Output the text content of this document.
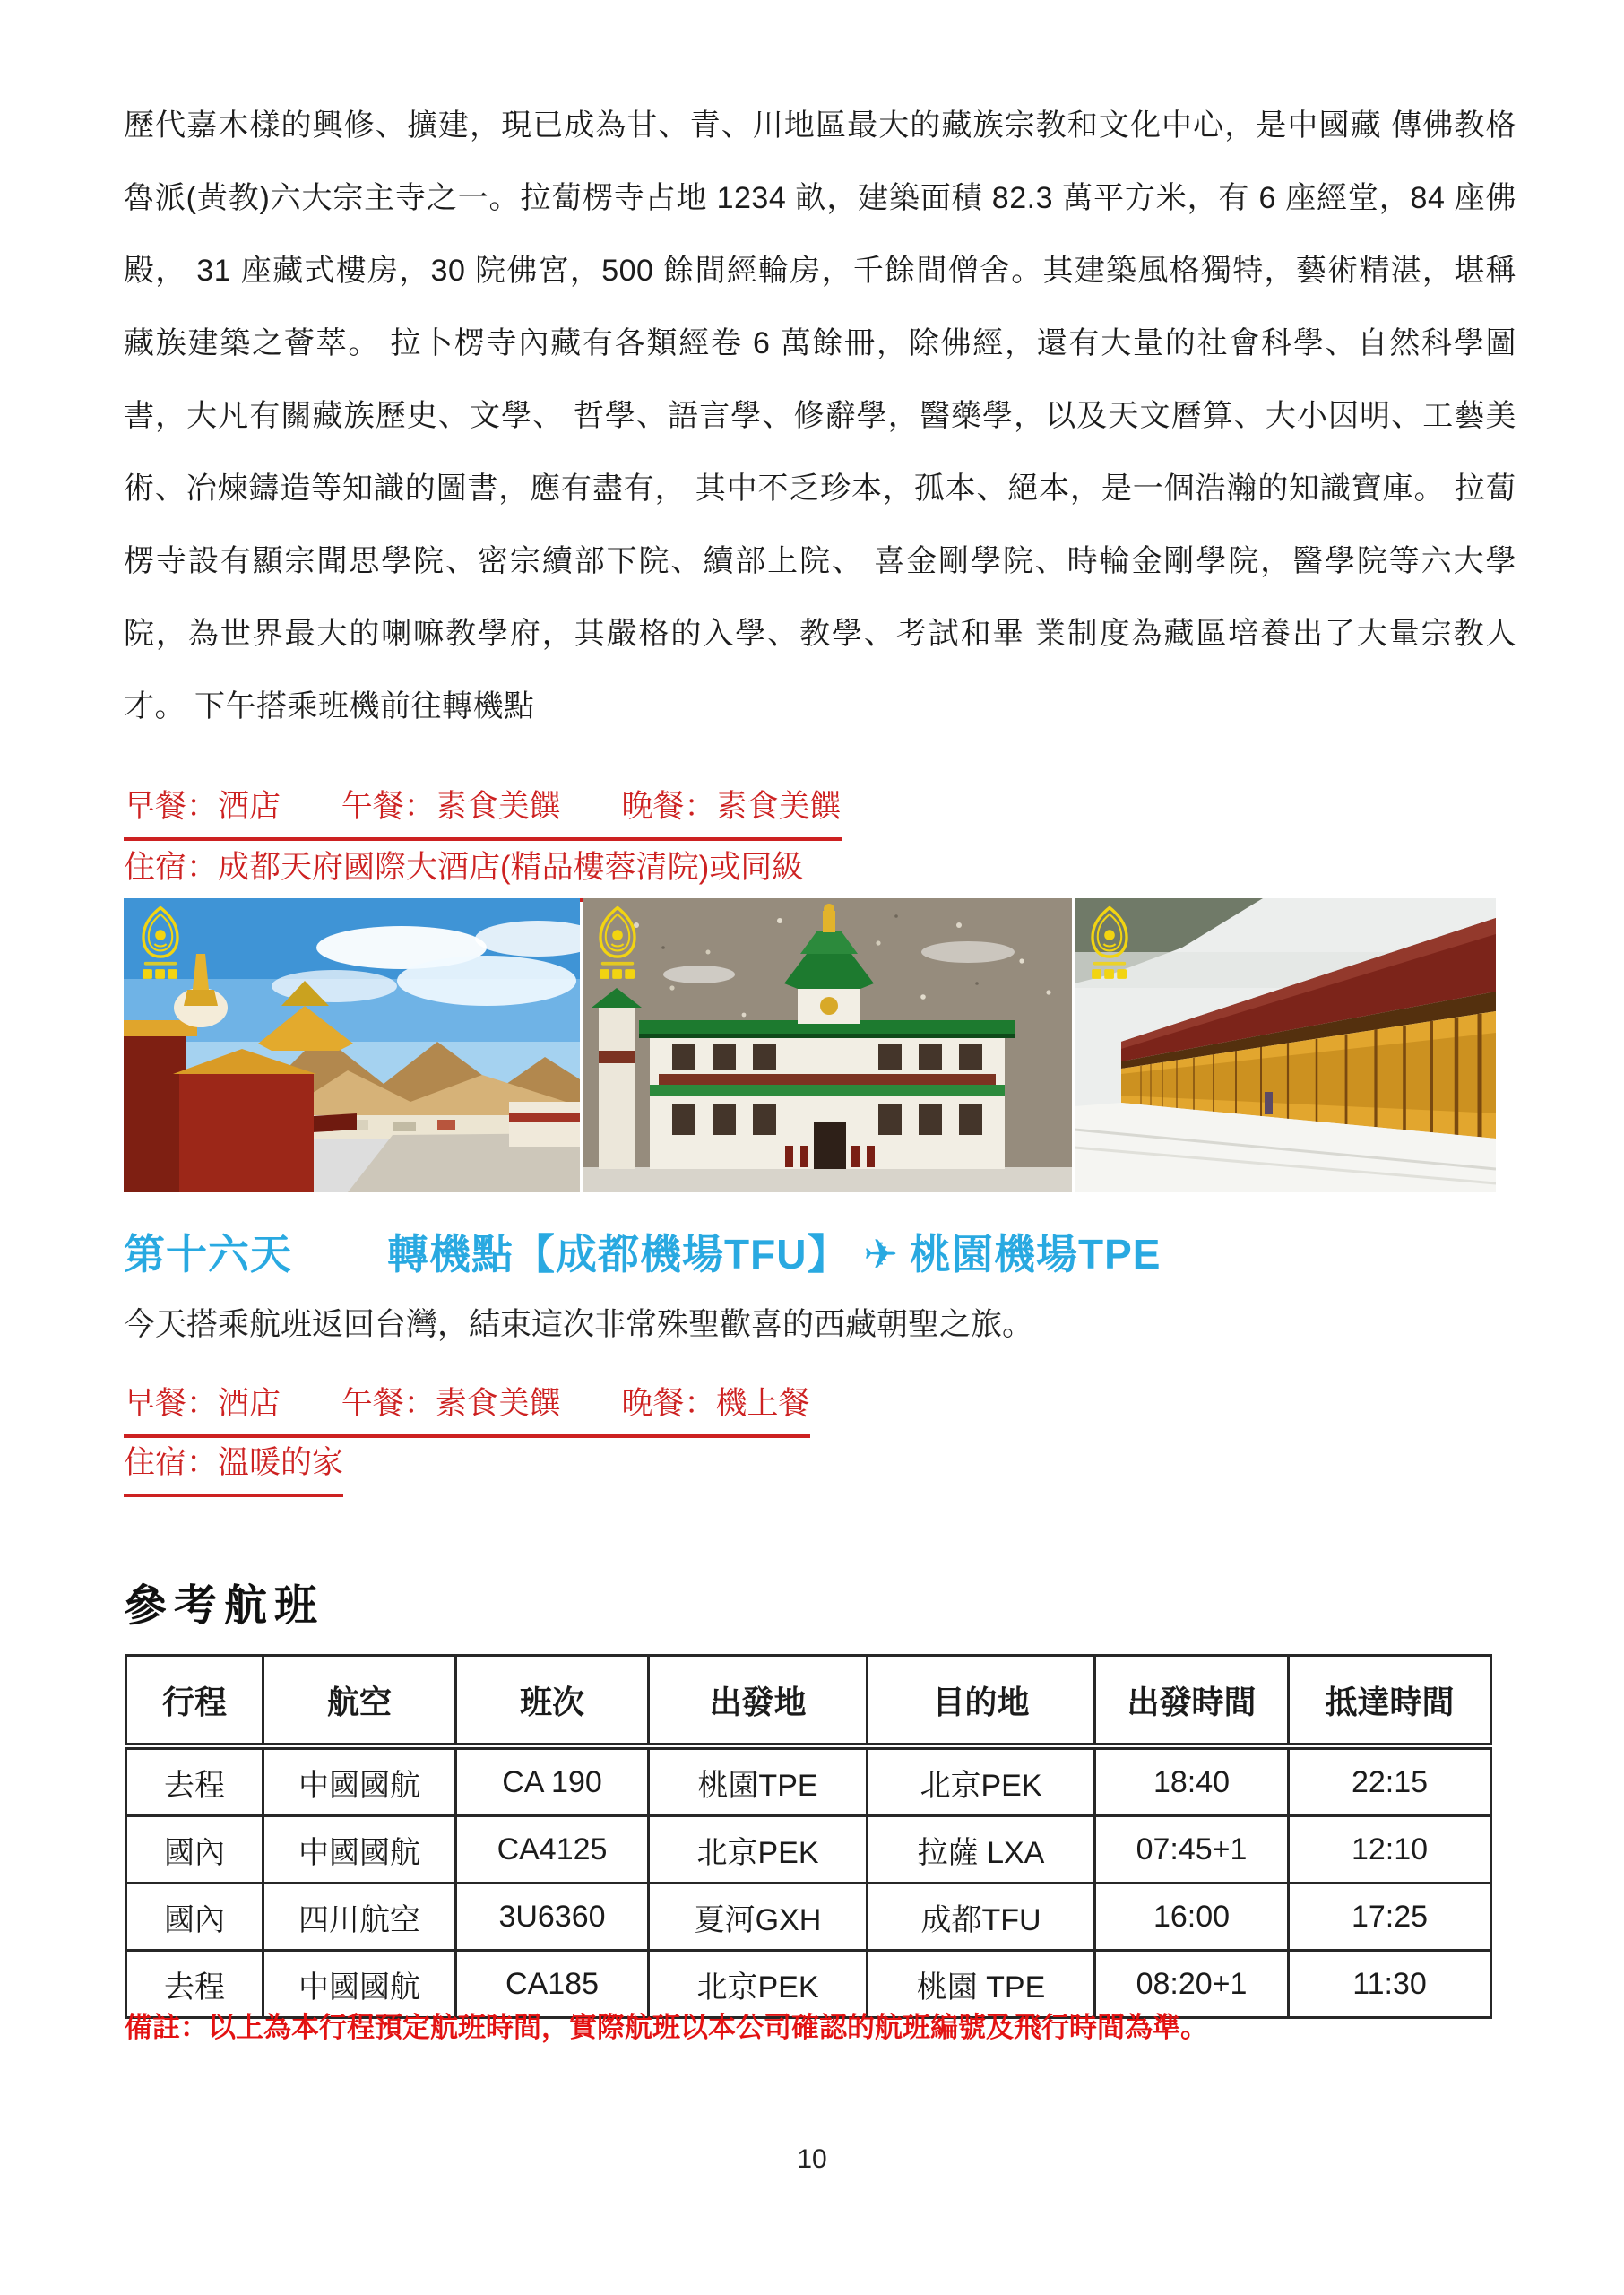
歷代嘉木樣的興修、擴建，現已成為甘、青、川地區最大的藏族宗教和文化中心，是中國藏 傳佛教格魯派(黃教)六大宗主寺之一。拉蔔楞寺占地 1234 畝，建築面積 82.3 萬平方米，有 6 座經堂，84 座佛殿， 31 座藏式樓房，30 院佛宮，500 餘間經輪房，千餘間僧舍。其建築風格獨特，藝術精湛，堪稱藏族建築之薈萃。 拉卜楞寺內藏有各類經卷 6 萬餘冊，除佛經，還有大量的社會科學、自然科學圖書，大凡有關藏族歷史、文學、 哲學、語言學、修辭學，醫藥學，以及天文曆算、大小因明、工藝美術、冶煉鑄造等知識的圖書，應有盡有， 其中不乏珍本，孤本、絕本，是一個浩瀚的知識寶庫。 拉蔔楞寺設有顯宗聞思學院、密宗續部下院、續部上院、 喜金剛學院、時輪金剛學院，醫學院等六大學院，為世界最大的喇嘛教學府，其嚴格的入學、教學、考試和畢 業制度為藏區培養出了大量宗教人才。 下午搭乘班機前往轉機點
早餐：酒店 午餐：素食美饌 晚餐：素食美饌
住宿：成都天府國際大酒店(精品樓蓉清院)或同級
第十六天 轉機點【成都機場TFU】 ✈ 桃園機場TPE
今天搭乘航班返回台灣，結束這次非常殊聖歡喜的西藏朝聖之旅。
早餐：酒店 午餐：素食美饌 晚餐：機上餐
住宿：溫暖的家
參考航班
行程	航空	班次	出發地	目的地	出發時間	抵達時間
去程	中國國航	CA 190	桃園TPE	北京PEK	18:40	22:15
國內	中國國航	CA4125	北京PEK	拉薩 LXA	07:45+1	12:10
國內	四川航空	3U6360	夏河GXH	成都TFU	16:00	17:25
去程	中國國航	CA185	北京PEK	桃園 TPE	08:20+1	11:30
備註：以上為本行程預定航班時間，實際航班以本公司確認的航班編號及飛行時間為準。
10
